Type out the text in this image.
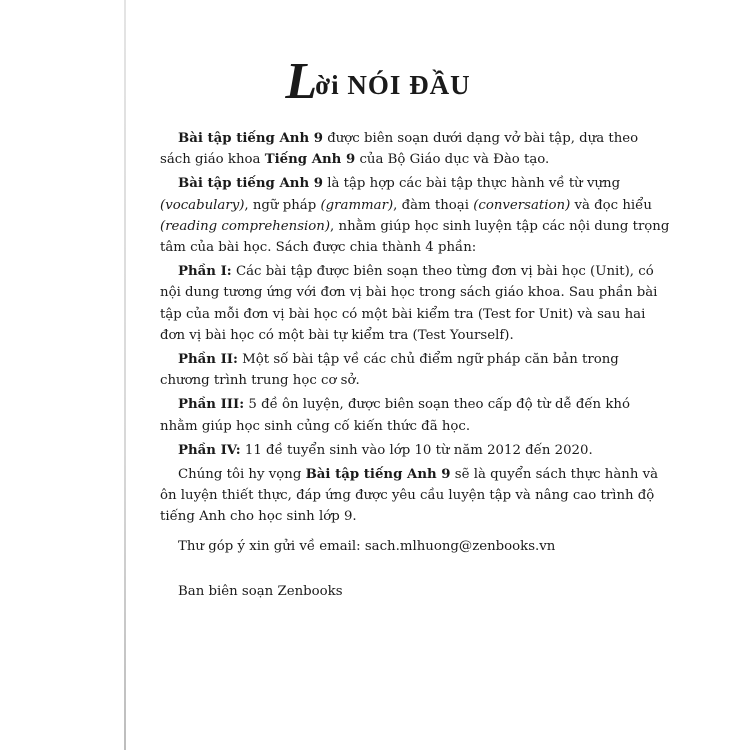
Lời NÓI ĐẦU
Bài tập tiếng Anh 9 được biên soạn dưới dạng vở bài tập, dựa theo
sách giáo khoa Tiếng Anh 9 của Bộ Giáo dục và Đào tạo.
Bài tập tiếng Anh 9 là tập hợp các bài tập thực hành về từ vựng
(vocabulary), ngữ pháp (grammar), đàm thoại (conversation) và đọc hiểu
(reading comprehension), nhằm giúp học sinh luyện tập các nội dung trọng
tâm của bài học. Sách được chia thành 4 phần:
Phần I: Các bài tập được biên soạn theo từng đơn vị bài học (Unit), có
nội dung tương ứng với đơn vị bài học trong sách giáo khoa. Sau phần bài
tập của mỗi đơn vị bài học có một bài kiểm tra (Test for Unit) và sau hai
đơn vị bài học có một bài tự kiểm tra (Test Yourself).
Phần II: Một số bài tập về các chủ điểm ngữ pháp căn bản trong
chương trình trung học cơ sở.
Phần III: 5 đề ôn luyện, được biên soạn theo cấp độ từ dễ đến khó
nhằm giúp học sinh củng cố kiến thức đã học.
Phần IV: 11 đề tuyển sinh vào lớp 10 từ năm 2012 đến 2020.
Chúng tôi hy vọng Bài tập tiếng Anh 9 sẽ là quyển sách thực hành và
ôn luyện thiết thực, đáp ứng được yêu cầu luyện tập và nâng cao trình độ
tiếng Anh cho học sinh lớp 9.
Thư góp ý xin gửi về email: sach.mlhuong@zenbooks.vn
Ban biên soạn Zenbooks
